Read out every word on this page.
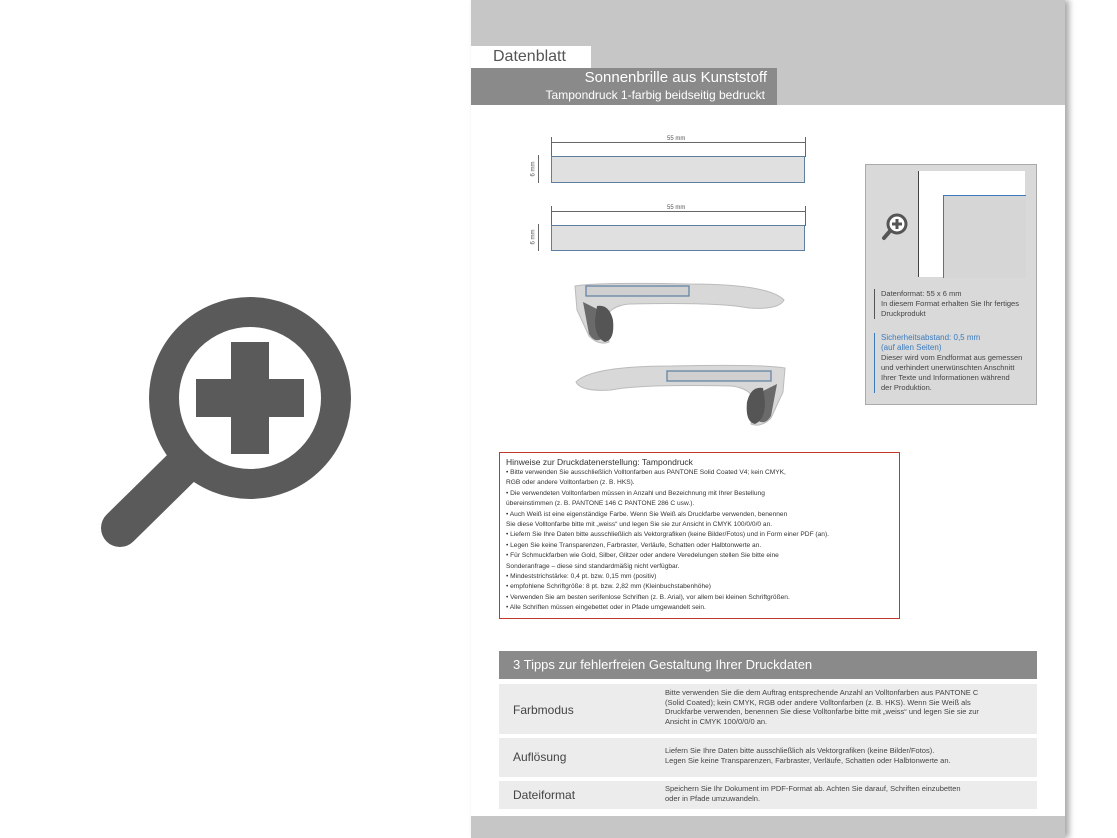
Datenblatt
Sonnenbrille aus Kunststoff
Tampondruck 1-farbig beidseitig bedruckt
55 mm
6 mm
55 mm
6 mm

Datenformat: 55 x 6 mm

In diesem Format erhalten Sie Ihr fertiges

Druckprodukt

Sicherheitsabstand: 0,5 mm

(auf allen Seiten)

Dieser wird vom Endformat aus gemessen

und verhindert unerwünschten Anschnitt

Ihrer Texte und Informationen während

der Produktion.

Hinweise zur Druckdatenerstellung: Tampondruck

• Bitte verwenden Sie ausschließlich Volltonfarben aus PANTONE Solid Coated V4; kein CMYK,
RGB oder andere Volltonfarben (z. B. HKS).
• Die verwendeten Volltonfarben müssen in Anzahl und Bezeichnung mit Ihrer Bestellung
übereinstimmen (z. B. PANTONE 146 C PANTONE 286 C usw.).
• Auch Weiß ist eine eigenständige Farbe. Wenn Sie Weiß als Druckfarbe verwenden, benennen
Sie diese Volltonfarbe bitte mit „weiss“ und legen Sie sie zur Ansicht in CMYK 100/0/0/0 an.
• Liefern Sie Ihre Daten bitte ausschließlich als Vektorgrafiken (keine Bilder/Fotos) und in Form einer PDF (an).
• Legen Sie keine Transparenzen, Farbraster, Verläufe, Schatten oder Halbtonwerte an.
• Für Schmuckfarben wie Gold, Silber, Glitzer oder andere Veredelungen stellen Sie bitte eine
Sonderanfrage – diese sind standardmäßig nicht verfügbar.
• Mindeststrichstärke: 0,4 pt. bzw. 0,15 mm (positiv)
• empfohlene Schriftgröße: 8 pt. bzw. 2,82 mm (Kleinbuchstabenhöhe)
• Verwenden Sie am besten serifenlose Schriften (z. B. Arial), vor allem bei kleinen Schriftgrößen.
• Alle Schriften müssen eingebettet oder in Pfade umgewandelt sein.
3 Tipps zur fehlerfreien Gestaltung Ihrer Druckdaten
Farbmodus
Bitte verwenden Sie die dem Auftrag entsprechende Anzahl an Volltonfarben aus PANTONE C
(Solid Coated); kein CMYK, RGB oder andere Volltonfarben (z. B. HKS). Wenn Sie Weiß als
Druckfarbe verwenden, benennen Sie diese Volltonfarbe bitte mit „weiss“ und legen Sie sie zur
Ansicht in CMYK 100/0/0/0 an.
Auflösung	Liefern Sie Ihre Daten bitte ausschließlich als Vektorgrafiken (keine Bilder/Fotos).
Legen Sie keine Transparenzen, Farbraster, Verläufe, Schatten oder Halbtonwerte an.
Dateiformat	Speichern Sie Ihr Dokument im PDF-Format ab. Achten Sie darauf, Schriften einzubetten
oder in Pfade umzuwandeln.
